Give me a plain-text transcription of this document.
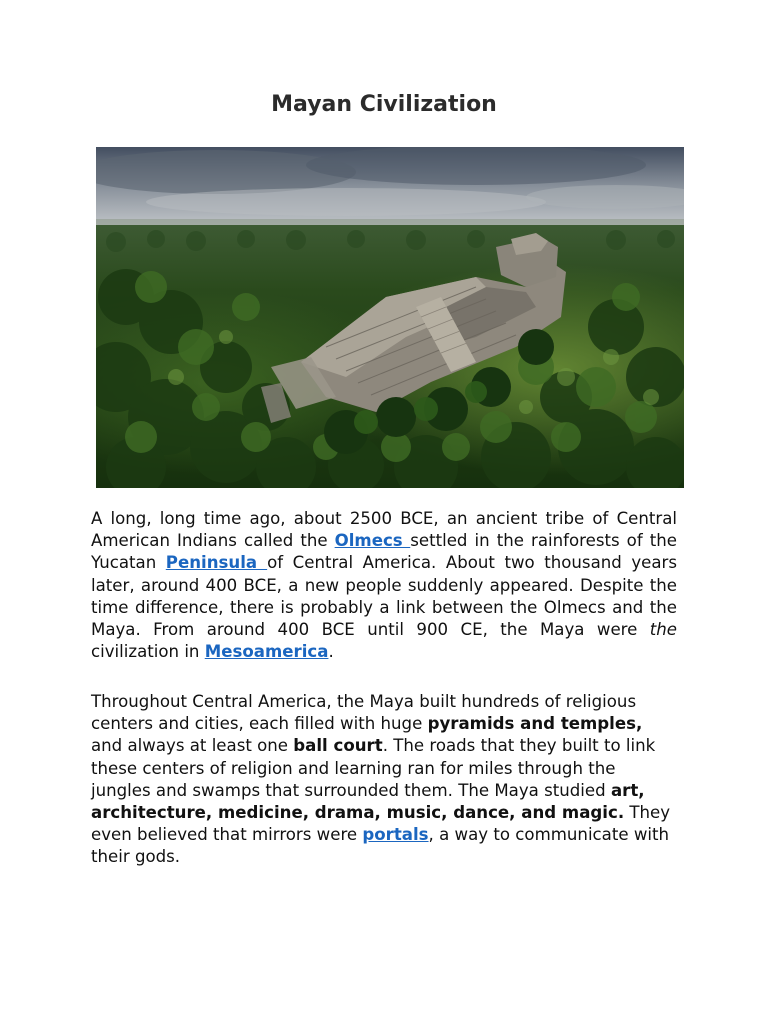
Mayan Civilization

A long, long time ago, about 2500 BCE, an ancient tribe of Central American Indians called the Olmecs settled in the rainforests of the Yucatan Peninsula of Central America. About two thousand years later, around 400 BCE, a new people suddenly appeared. Despite the time difference, there is probably a link between the Olmecs and the Maya. From around 400 BCE until 900 CE, the Maya were the civilization in Mesoamerica.

Throughout Central America, the Maya built hundreds of religious centers and cities, each filled with huge pyramids and temples, and always at least one ball court. The roads that they built to link these centers of religion and learning ran for miles through the jungles and swamps that surrounded them. The Maya studied art, architecture, medicine, drama, music, dance, and magic. They even believed that mirrors were portals, a way to communicate with their gods.
